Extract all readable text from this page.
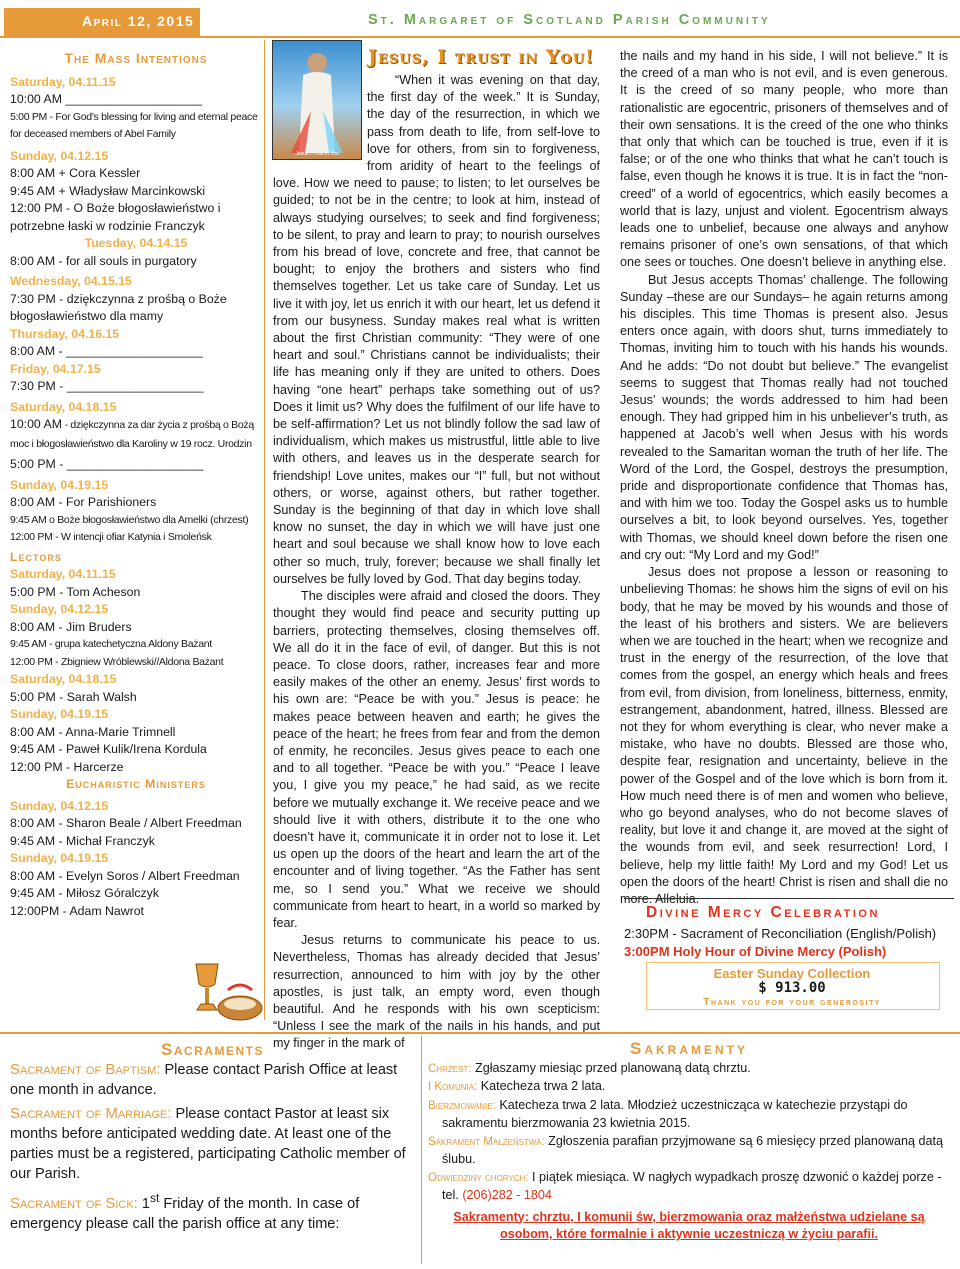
April 12, 2015	St. Margaret of Scotland Parish Community
The Mass Intentions
Saturday, 04.11.15
10:00 AM ____________________
5:00 PM - For God's blessing for living and eternal peace for deceased members of Abel Family
Sunday, 04.12.15
8:00 AM + Cora Kessler
9:45 AM + Władysław Marcinkowski
12:00 PM - O Boże błogosławieństwo i potrzebne łaski w rodzinie Franczyk
Tuesday, 04.14.15
8:00 AM - for all souls in purgatory
Wednesday, 04.15.15
7:30 PM - dziękczynna z prośbą o Boże błogosławieństwo dla mamy
Thursday, 04.16.15
8:00 AM - ____________________
Friday, 04.17.15
7:30 PM - ____________________
Saturday, 04.18.15
10:00 AM - dziękczynna za dar życia z prośbą o Bożą moc i błogosławieństwo dla Karoliny w 19 rocz. Urodzin
5:00 PM - ____________________
Sunday, 04.19.15
8:00 AM - For Parishioners
9:45 AM o Boże błogosławieństwo dla Amelki (chrzest)
12:00 PM - W intencji ofiar Katynia i Smoleńsk
Lectors
Saturday, 04.11.15
5:00 PM - Tom Acheson
Sunday, 04.12.15
8:00 AM - Jim Bruders
9:45 AM - grupa katechetyczna Aldony Bażant
12:00 PM - Zbigniew Wróblewski//Aldona Bażant
Saturday, 04.18.15
5:00 PM - Sarah Walsh
Sunday, 04.19.15
8:00 AM - Anna-Marie Trimnell
9:45 AM - Paweł Kulik/Irena Kordula
12:00 PM - Harcerze
Eucharistic Ministers
Sunday, 04.12.15
8:00 AM - Sharon Beale / Albert Freedman
9:45 AM - Michał Franczyk
Sunday, 04.19.15
8:00 AM - Evelyn Soros / Albert Freedman
9:45 AM - Miłosz Góralczyk
12:00PM - Adam Nawrot
Jesus I Trust in You
Jesus, I trust in You!

“When it was evening on that day, the first day of the week.” It is Sunday, the day of the resurrection, in which we pass from death to life, from self-love to love for others, from sin to forgiveness, from aridity of heart to the feelings of love. How we need to pause; to listen; to let ourselves be guided; to not be in the centre; to look at him, instead of always studying ourselves; to seek and find forgiveness; to be silent, to pray and learn to pray; to nourish ourselves from his bread of love, concrete and free, that cannot be bought; to enjoy the brothers and sisters who find themselves together. Let us take care of Sunday. Let us live it with joy, let us enrich it with our heart, let us defend it from our busyness. Sunday makes real what is written about the first Christian community: “They were of one heart and soul.” Christians cannot be individualists; their life has meaning only if they are united to others. Does having “one heart” perhaps take something out of us? Does it limit us? Why does the fulfilment of our life have to be self-affirmation? Let us not blindly follow the sad law of individualism, which makes us mistrustful, little able to live with others, and leaves us in the desperate search for friendship! Love unites, makes our “I” full, but not without others, or worse, against others, but rather together. Sunday is the beginning of that day in which love shall know no sunset, the day in which we will have just one heart and soul because we shall know how to love each other so much, truly, forever; because we shall finally let ourselves be fully loved by God. That day begins today.

The disciples were afraid and closed the doors. They thought they would find peace and security putting up barriers, protecting themselves, closing themselves off. We all do it in the face of evil, of danger. But this is not peace. To close doors, rather, increases fear and more easily makes of the other an enemy. Jesus’ first words to his own are: “Peace be with you.” Jesus is peace: he makes peace between heaven and earth; he gives the peace of the heart; he frees from fear and from the demon of enmity, he reconciles. Jesus gives peace to each one and to all together. “Peace be with you.” “Peace I leave you, I give you my peace,” he had said, as we recite before we mutually exchange it. We receive peace and we should live it with others, distribute it to the one who doesn’t have it, communicate it in order not to lose it. Let us open up the doors of the heart and learn the art of the encounter and of living together. “As the Father has sent me, so I send you.” What we receive we should communicate from heart to heart, in a world so marked by fear.

Jesus returns to communicate his peace to us. Nevertheless, Thomas has already decided that Jesus’ resurrection, announced to him with joy by the other apostles, is just talk, an empty word, even though beautiful. And he responds with his own scepticism: “Unless I see the mark of the nails in his hands, and put my finger in the mark of

the nails and my hand in his side, I will not believe.” It is the creed of a man who is not evil, and is even generous. It is the creed of so many people, who more than rationalistic are egocentric, prisoners of themselves and of their own sensations. It is the creed of the one who thinks that only that which can be touched is true, even if it is false; or of the one who thinks that what he can’t touch is false, even though he knows it is true. It is in fact the “non-creed” of a world of egocentrics, which easily becomes a world that is lazy, unjust and violent. Egocentrism always leads one to unbelief, because one always and anyhow remains prisoner of one’s own sensations, of that which one sees or touches. One doesn’t believe in anything else.

But Jesus accepts Thomas’ challenge. The following Sunday –these are our Sundays– he again returns among his disciples. This time Thomas is present also. Jesus enters once again, with doors shut, turns immediately to Thomas, inviting him to touch with his hands his wounds. And he adds: “Do not doubt but believe.” The evangelist seems to suggest that Thomas really had not touched Jesus’ wounds; the words addressed to him had been enough. They had gripped him in his unbeliever’s truth, as happened at Jacob’s well when Jesus with his words revealed to the Samaritan woman the truth of her life. The Word of the Lord, the Gospel, destroys the presumption, pride and disproportionate confidence that Thomas has, and with him we too. Today the Gospel asks us to humble ourselves a bit, to look beyond ourselves. Yes, together with Thomas, we should kneel down before the risen one and cry out: “My Lord and my God!”

Jesus does not propose a lesson or reasoning to unbelieving Thomas: he shows him the signs of evil on his body, that he may be moved by his wounds and those of the least of his brothers and sisters. We are believers when we are touched in the heart; when we recognize and trust in the energy of the resurrection, of the love that comes from the gospel, an energy which heals and frees from evil, from division, from loneliness, bitterness, enmity, estrangement, abandonment, hatred, illness. Blessed are not they for whom everything is clear, who never make a mistake, who have no doubts. Blessed are those who, despite fear, resignation and uncertainty, believe in the power of the Gospel and of the love which is born from it. How much need there is of men and women who believe, who go beyond analyses, who do not become slaves of reality, but love it and change it, are moved at the sight of the wounds from evil, and seek resurrection! Lord, I believe, help my little faith! My Lord and my God! Let us open the doors of the heart! Christ is risen and shall die no more. Alleluia.

Divine Mercy Celebration
2:30PM - Sacrament of Reconciliation (English/Polish)
3:00PM Holy Hour of Divine Mercy (Polish)
Easter Sunday Collection
$ 913.00
Thank you for your generosity
Sacraments

Sacrament of Baptism: Please contact Parish Office at least one month in advance.

Sacrament of Marriage: Please contact Pastor at least six months before anticipated wedding date. At least one of the parties must be a registered, participating Catholic member of our Parish.

Sacrament of Sick: 1st Friday of the month. In case of emergency please call the parish office at any time:

Sakramenty

Chrzest: Zgłaszamy miesiąc przed planowaną datą chrztu.

I Komunia: Katecheza trwa 2 lata.

Bierzmowanie: Katecheza trwa 2 lata. Młodzież uczestnicząca w katechezie przystąpi do sakramentu bierzmowania 23 kwietnia 2015.

Sakrament Małżeństwa: Zgłoszenia parafian przyjmowane są 6 miesięcy przed planowaną datą ślubu.

Odwiedziny chorych: I piątek miesiąca. W nagłych wypadkach proszę dzwonić o każdej porze - tel. (206)282 - 1804

Sakramenty: chrztu, I komunii św, bierzmowania oraz małżeństwa udzielane są osobom, które formalnie i aktywnie uczestniczą w życiu parafii.
